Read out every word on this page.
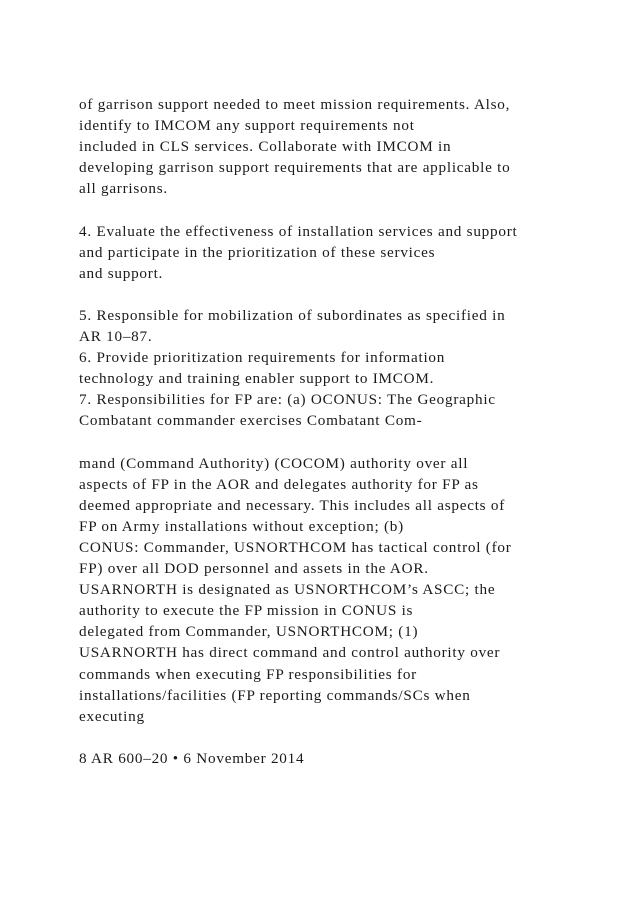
of garrison support needed to meet mission requirements. Also,
identify to IMCOM any support requirements not
included in CLS services. Collaborate with IMCOM in
developing garrison support requirements that are applicable to
all garrisons.
4. Evaluate the effectiveness of installation services and support
and participate in the prioritization of these services
and support.
5. Responsible for mobilization of subordinates as specified in
AR 10–87.
6. Provide prioritization requirements for information
technology and training enabler support to IMCOM.
7. Responsibilities for FP are: (a) OCONUS: The Geographic
Combatant commander exercises Combatant Com-
mand (Command Authority) (COCOM) authority over all
aspects of FP in the AOR and delegates authority for FP as
deemed appropriate and necessary. This includes all aspects of
FP on Army installations without exception; (b)
CONUS: Commander, USNORTHCOM has tactical control (for
FP) over all DOD personnel and assets in the AOR.
USARNORTH is designated as USNORTHCOM’s ASCC; the
authority to execute the FP mission in CONUS is
delegated from Commander, USNORTHCOM; (1)
USARNORTH has direct command and control authority over
commands when executing FP responsibilities for
installations/facilities (FP reporting commands/SCs when
executing
8 AR 600–20 • 6 November 2014
